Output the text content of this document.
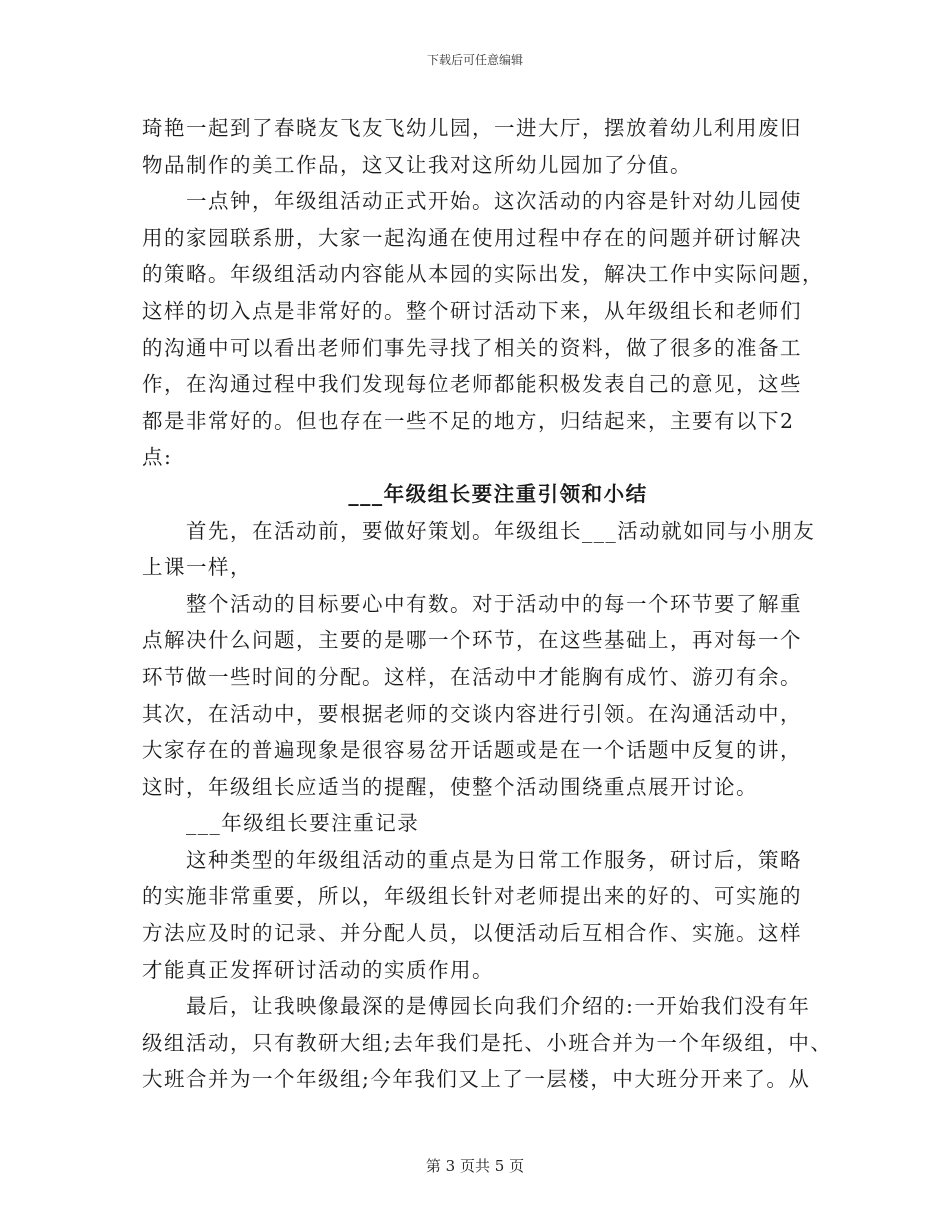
下载后可任意编辑

琦艳一起到了春晓友飞友飞幼儿园，一进大厅，摆放着幼儿利用废旧

物品制作的美工作品，这又让我对这所幼儿园加了分值。

一点钟，年级组活动正式开始。这次活动的内容是针对幼儿园使

用的家园联系册，大家一起沟通在使用过程中存在的问题并研讨解决

的策略。年级组活动内容能从本园的实际出发，解决工作中实际问题，

这样的切入点是非常好的。整个研讨活动下来，从年级组长和老师们

的沟通中可以看出老师们事先寻找了相关的资料，做了很多的准备工

作，在沟通过程中我们发现每位老师都能积极发表自己的意见，这些

都是非常好的。但也存在一些不足的地方，归结起来，主要有以下2

点:

___年级组长要注重引领和小结

首先，在活动前，要做好策划。年级组长___活动就如同与小朋友

上课一样，

整个活动的目标要心中有数。对于活动中的每一个环节要了解重

点解决什么问题，主要的是哪一个环节，在这些基础上，再对每一个

环节做一些时间的分配。这样，在活动中才能胸有成竹、游刃有余。

其次，在活动中，要根据老师的交谈内容进行引领。在沟通活动中，

大家存在的普遍现象是很容易岔开话题或是在一个话题中反复的讲，

这时，年级组长应适当的提醒，使整个活动围绕重点展开讨论。

___年级组长要注重记录

这种类型的年级组活动的重点是为日常工作服务，研讨后，策略

的实施非常重要，所以，年级组长针对老师提出来的好的、可实施的

方法应及时的记录、并分配人员，以便活动后互相合作、实施。这样

才能真正发挥研讨活动的实质作用。

最后，让我映像最深的是傅园长向我们介绍的:一开始我们没有年

级组活动，只有教研大组;去年我们是托、小班合并为一个年级组，中、

大班合并为一个年级组;今年我们又上了一层楼，中大班分开来了。从

第 3 页共 5 页
